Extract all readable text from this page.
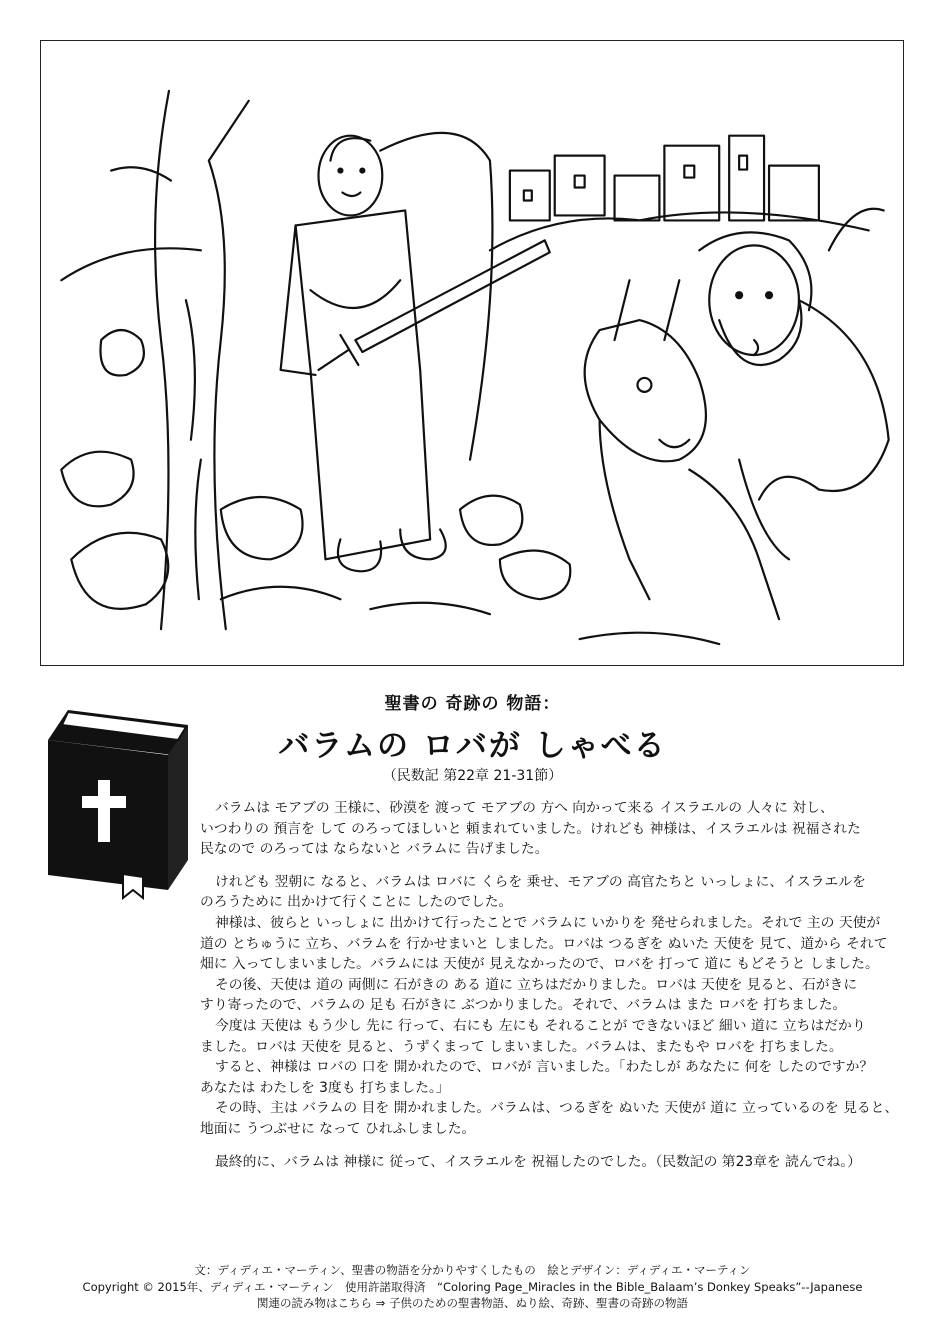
聖書の 奇跡の 物語：
バラムの ロバが しゃべる
（民数記 第22章 21-31節）

バラムは モアブの 王様に、砂漠を 渡って モアブの 方へ 向かって来る イスラエルの 人々に 対し、

いつわりの 預言を して のろってほしいと 頼まれていました。けれども 神様は、イスラエルは 祝福された

民なので のろっては ならないと バラムに 告げました。

けれども 翌朝に なると、バラムは ロバに くらを 乗せ、モアブの 高官たちと いっしょに、イスラエルを

のろうために 出かけて行くことに したのでした。

神様は、彼らと いっしょに 出かけて行ったことで バラムに いかりを 発せられました。それで 主の 天使が

道の とちゅうに 立ち、バラムを 行かせまいと しました。ロバは つるぎを ぬいた 天使を 見て、道から それて

畑に 入ってしまいました。バラムには 天使が 見えなかったので、ロバを 打って 道に もどそうと しました。

その後、天使は 道の 両側に 石がきの ある 道に 立ちはだかりました。ロバは 天使を 見ると、石がきに

すり寄ったので、バラムの 足も 石がきに ぶつかりました。それで、バラムは また ロバを 打ちました。

今度は 天使は もう少し 先に 行って、右にも 左にも それることが できないほど 細い 道に 立ちはだかり

ました。ロバは 天使を 見ると、うずくまって しまいました。バラムは、またもや ロバを 打ちました。

すると、神様は ロバの 口を 開かれたので、ロバが 言いました。「わたしが あなたに 何を したのですか？

あなたは わたしを 3度も 打ちました。」

その時、主は バラムの 目を 開かれました。バラムは、つるぎを ぬいた 天使が 道に 立っているのを 見ると、

地面に うつぶせに なって ひれふしました。

最終的に、バラムは 神様に 従って、イスラエルを 祝福したのでした。（民数記の 第23章を 読んでね。）

文：ディディエ・マーティン、聖書の物語を分かりやすくしたもの　絵とデザイン：ディディエ・マーティン
Copyright © 2015年、ディディエ・マーティン　使用許諾取得済　“Coloring Page_Miracles in the Bible_Balaam’s Donkey Speaks”--Japanese
関連の読み物はこちら ⇒ 子供のための聖書物語、ぬり絵、奇跡、聖書の奇跡の物語
